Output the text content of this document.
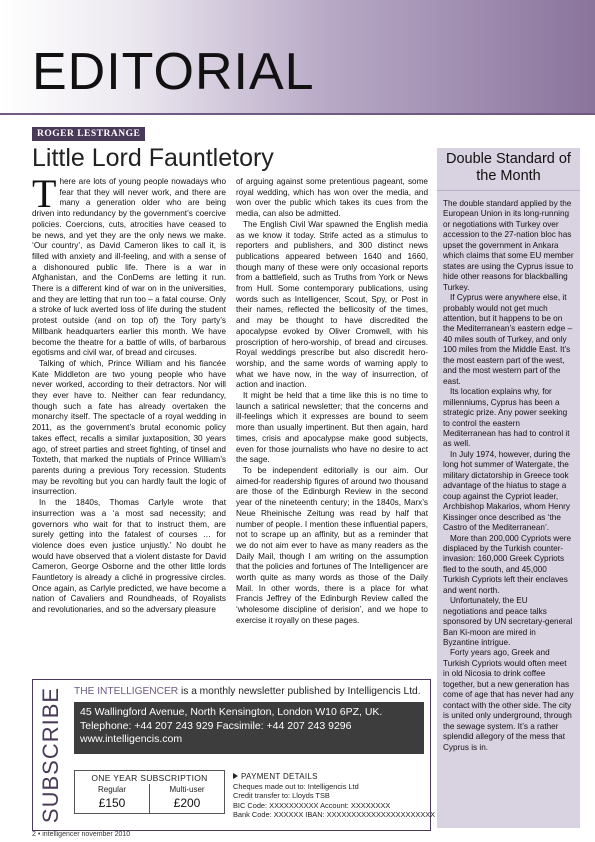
EDITORIAL
ROGER LESTRANGE
Little Lord Fauntletory

There are lots of young people nowadays who fear that they will never work, and there are many a generation older who are being driven into redundancy by the government’s coercive policies. Coercions, cuts, atrocities have ceased to be news, and yet they are the only news we make. ‘Our country’, as David Cameron likes to call it, is filled with anxiety and ill-feeling, and with a sense of a dishonoured public life. There is a war in Afghanistan, and the ConDems are letting it run. There is a different kind of war on in the universities, and they are letting that run too – a fatal course. Only a stroke of luck averted loss of life during the student protest outside (and on top of) the Tory party’s Millbank headquarters earlier this month. We have become the theatre for a battle of wills, of barbarous egotisms and civil war, of bread and circuses.

Talking of which, Prince William and his fiancée Kate Middleton are two young people who have never worked, according to their detractors. Nor will they ever have to. Neither can fear redundancy, though such a fate has already overtaken the monarchy itself. The spectacle of a royal wedding in 2011, as the government’s brutal economic policy takes effect, recalls a similar juxtaposition, 30 years ago, of street parties and street fighting, of tinsel and Toxteth, that marked the nuptials of Prince William’s parents during a previous Tory recession. Students may be revolting but you can hardly fault the logic of insurrection.

In the 1840s, Thomas Carlyle wrote that insurrection was a ‘a most sad necessity; and governors who wait for that to instruct them, are surely getting into the fatalest of courses … for violence does even justice unjustly.’ No doubt he would have observed that a violent distaste for David Cameron, George Osborne and the other little lords Fauntletory is already a cliché in progressive circles. Once again, as Carlyle predicted, we have become a nation of Cavaliers and Roundheads, of Royalists and revolutionaries, and so the adversary pleasure

of arguing against some pretentious pageant, some royal wedding, which has won over the media, and won over the public which takes its cues from the media, can also be admitted.

The English Civil War spawned the English media as we know it today. Strife acted as a stimulus to reporters and publishers, and 300 distinct news publications appeared between 1640 and 1660, though many of these were only occasional reports from a battlefield, such as Truths from York or News from Hull. Some contemporary publications, using words such as Intelligencer, Scout, Spy, or Post in their names, reflected the bellicosity of the times, and may be thought to have discredited the apocalypse evoked by Oliver Cromwell, with his proscription of hero-worship, of bread and circuses. Royal weddings prescribe but also discredit hero-worship, and the same words of warning apply to what we have now, in the way of insurrection, of action and inaction.

It might be held that a time like this is no time to launch a satirical newsletter; that the concerns and ill-feelings which it expresses are bound to seem more than usually impertinent. But then again, hard times, crisis and apocalypse make good subjects, even for those journalists who have no desire to act the sage.

To be independent editorially is our aim. Our aimed-for readership figures of around two thousand are those of the Edinburgh Review in the second year of the nineteenth century; in the 1840s, Marx’s Neue Rheinische Zeitung was read by half that number of people. I mention these influential papers, not to scrape up an affinity, but as a reminder that we do not aim ever to have as many readers as the Daily Mail, though I am writing on the assumption that the policies and fortunes of The Intelligencer are worth quite as many words as those of the Daily Mail. In other words, there is a place for what Francis Jeffrey of the Edinburgh Review called the ‘wholesome discipline of derision’, and we hope to exercise it royally on these pages.

Double Standard of the Month

The double standard applied by the European Union in its long-running or negotiations with Turkey over accession to the 27-nation bloc has upset the government in Ankara which claims that some EU member states are using the Cyprus issue to hide other reasons for blackballing Turkey.

If Cyprus were anywhere else, it probably would not get much attention, but it happens to be on the Mediterranean’s eastern edge – 40 miles south of Turkey, and only 100 miles from the Middle East. It’s the most eastern part of the west, and the most western part of the east.

Its location explains why, for millenniums, Cyprus has been a strategic prize. Any power seeking to control the eastern Mediterranean has had to control it as well.

In July 1974, however, during the long hot summer of Watergate, the military dictatorship in Greece took advantage of the hiatus to stage a coup against the Cypriot leader, Archbishop Makarios, whom Henry Kissinger once described as ‘the Castro of the Mediterranean’.

More than 200,000 Cypriots were displaced by the Turkish counter-invasion: 160,000 Greek Cypriots fled to the south, and 45,000 Turkish Cypriots left their enclaves and went north.

Unfortunately, the EU negotiations and peace talks sponsored by UN secretary-general Ban Ki-moon are mired in Byzantine intrigue.

Forty years ago, Greek and Turkish Cypriots would often meet in old Nicosia to drink coffee together, but a new generation has come of age that has never had any contact with the other side. The city is united only underground, through the sewage system. It’s a rather splendid allegory of the mess that Cyprus is in.

SUBSCRIBE THE INTELLIGENCER is a monthly newsletter published by Intelligencis Ltd.
45 Wallingford Avenue, North Kensington, London W10 6PZ, UK.
Telephone: +44 207 243 929 Facsimile: +44 207 243 9296
www.intelligencis.com
ONE YEAR SUBSCRIPTION
Regular
£150
Multi-user
£200
PAYMENT DETAILS
Cheques made out to: Intelligencis Ltd
Credit transfer to: Lloyds TSB
BIC Code: XXXXXXXXXX Account: XXXXXXXX
Bank Code: XXXXXX IBAN: XXXXXXXXXXXXXXXXXXXXXX
2 • intelligencer november 2010
